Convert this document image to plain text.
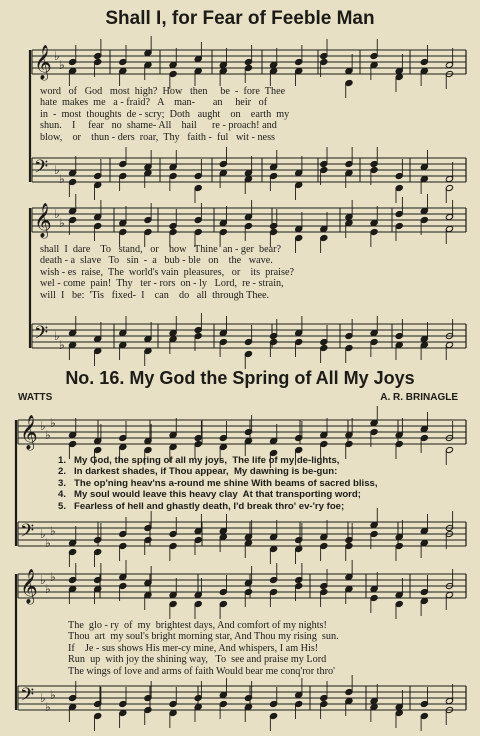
Shall I, for Fear of Feeble Man
No. 16. My God the Spring of All My Joys
WATTS	A. R. BRINAGLE
𝄞 ♭
♭
𝄢 ♭
♭
𝄞 ♭
♭
𝄢 ♭
♭
𝄞 ♭
♭
♭
𝄢 ♭
♭
♭
𝄞 ♭
♭
♭
𝄢 ♭
♭
♭
word   of   God   most  high?  How   then     be  -  fore  Thee
hate  makes  me   a - fraid?   A    man-       an     heir   of
in  -  most  thoughts  de - scry;  Doth   aught    on    earth  my
shun.    I     fear   no  shame- All    hail      re - proach! and
blow,    or    thun - ders  roar,  Thy   faith -  ful   wit - ness
shall  I  dare    To   stand,   or    how   Thine  an - ger  bear?
death - a  slave   To   sin  -  a   bub - ble   on    the   wave.
wish - es  raise,  The  world's vain  pleasures,   or    its  praise?
wel - come  pain!  Thy   ter - rors  on - ly   Lord,  re - strain,
will  I   be:  'Tis   fixed-  I    can    do   all  through Thee.
1.   My God, the spring of all my joys,  The life of my de-lights,
2.   In darkest shades, if Thou appear,  My dawning is be-gun:
3.   The op'ning heav'ns a-round me shine With beams of sacred bliss,
4.   My soul would leave this heavy clay  At that transporting word;
5.   Fearless of hell and ghastly death, I'd break thro' ev-'ry foe;
The  glo - ry  of  my  brightest days, And comfort of my nights!
Thou  art  my soul's bright morning star, And Thou my rising  sun.
If    Je - sus shows His mer-cy mine, And whispers, I am His!
Run  up  with joy the shining way,   To  see and praise my Lord
The wings of love and arms of faith Would bear me conq'ror thro'
